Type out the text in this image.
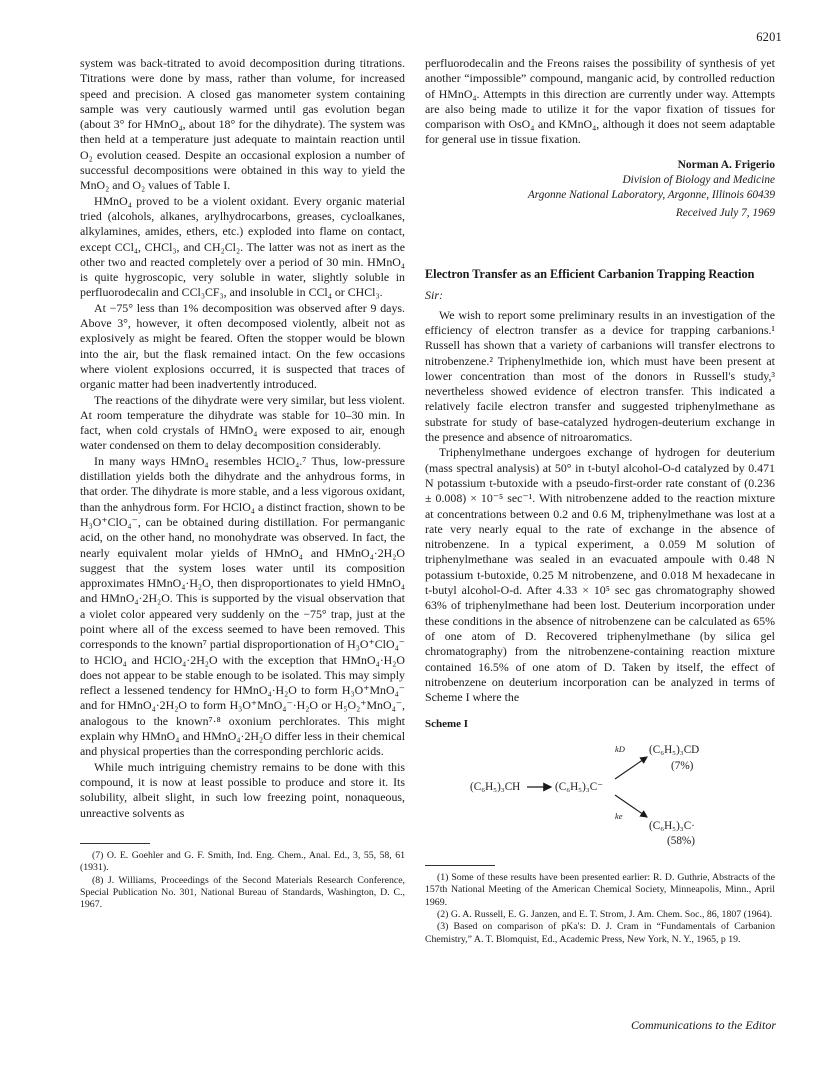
6201

system was back-titrated to avoid decomposition during titrations. Titrations were done by mass, rather than volume, for increased speed and precision. A closed gas manometer system containing sample was very cautiously warmed until gas evolution began (about 3° for HMnO₄, about 18° for the dihydrate). The system was then held at a temperature just adequate to maintain reaction until O₂ evolution ceased. Despite an occasional explosion a number of successful decompositions were obtained in this way to yield the MnO₂ and O₂ values of Table I.

HMnO₄ proved to be a violent oxidant. Every organic material tried (alcohols, alkanes, arylhydrocarbons, greases, cycloalkanes, alkylamines, amides, ethers, etc.) exploded into flame on contact, except CCl₄, CHCl₃, and CH₂Cl₂. The latter was not as inert as the other two and reacted completely over a period of 30 min. HMnO₄ is quite hygroscopic, very soluble in water, slightly soluble in perfluorodecalin and CCl₃CF₃, and insoluble in CCl₄ or CHCl₃.

At −75° less than 1% decomposition was observed after 9 days. Above 3°, however, it often decomposed violently, albeit not as explosively as might be feared. Often the stopper would be blown into the air, but the flask remained intact. On the few occasions where violent explosions occurred, it is suspected that traces of organic matter had been inadvertently introduced.

The reactions of the dihydrate were very similar, but less violent. At room temperature the dihydrate was stable for 10–30 min. In fact, when cold crystals of HMnO₄ were exposed to air, enough water condensed on them to delay decomposition considerably.

In many ways HMnO₄ resembles HClO₄.⁷ Thus, low-pressure distillation yields both the dihydrate and the anhydrous forms, in that order. The dihydrate is more stable, and a less vigorous oxidant, than the anhydrous form. For HClO₄ a distinct fraction, shown to be H₃O⁺ClO₄⁻, can be obtained during distillation. For permanganic acid, on the other hand, no monohydrate was observed. In fact, the nearly equivalent molar yields of HMnO₄ and HMnO₄·2H₂O suggest that the system loses water until its composition approximates HMnO₄·H₂O, then disproportionates to yield HMnO₄ and HMnO₄·2H₂O. This is supported by the visual observation that a violet color appeared very suddenly on the −75° trap, just at the point where all of the excess seemed to have been removed. This corresponds to the known⁷ partial disproportionation of H₃O⁺ClO₄⁻ to HClO₄ and HClO₄·2H₂O with the exception that HMnO₄·H₂O does not appear to be stable enough to be isolated. This may simply reflect a lessened tendency for HMnO₄·H₂O to form H₃O⁺MnO₄⁻ and for HMnO₄·2H₂O to form H₃O⁺MnO₄⁻·H₂O or H₅O₂⁺MnO₄⁻, analogous to the known⁷·⁸ oxonium perchlorates. This might explain why HMnO₄ and HMnO₄·2H₂O differ less in their chemical and physical properties than the corresponding perchloric acids.

While much intriguing chemistry remains to be done with this compound, it is now at least possible to produce and store it. Its solubility, albeit slight, in such low freezing point, nonaqueous, unreactive solvents as

(7) O. E. Goehler and G. F. Smith, Ind. Eng. Chem., Anal. Ed., 3, 55, 58, 61 (1931).

(8) J. Williams, Proceedings of the Second Materials Research Conference, Special Publication No. 301, National Bureau of Standards, Washington, D. C., 1967.

perfluorodecalin and the Freons raises the possibility of synthesis of yet another “impossible” compound, manganic acid, by controlled reduction of HMnO₄. Attempts in this direction are currently under way. Attempts are also being made to utilize it for the vapor fixation of tissues for comparison with OsO₄ and KMnO₄, although it does not seem adaptable for general use in tissue fixation.

Norman A. Frigerio
Division of Biology and Medicine
Argonne National Laboratory, Argonne, Illinois 60439
Received July 7, 1969
Electron Transfer as an Efficient Carbanion Trapping Reaction
Sir:

We wish to report some preliminary results in an investigation of the efficiency of electron transfer as a device for trapping carbanions.¹ Russell has shown that a variety of carbanions will transfer electrons to nitrobenzene.² Triphenylmethide ion, which must have been present at lower concentration than most of the donors in Russell's study,³ nevertheless showed evidence of electron transfer. This indicated a relatively facile electron transfer and suggested triphenylmethane as substrate for study of base-catalyzed hydrogen-deuterium exchange in the presence and absence of nitroaromatics.

Triphenylmethane undergoes exchange of hydrogen for deuterium (mass spectral analysis) at 50° in t-butyl alcohol-O-d catalyzed by 0.471 N potassium t-butoxide with a pseudo-first-order rate constant of (0.236 ± 0.008) × 10⁻⁵ sec⁻¹. With nitrobenzene added to the reaction mixture at concentrations between 0.2 and 0.6 M, triphenylmethane was lost at a rate very nearly equal to the rate of exchange in the absence of nitrobenzene. In a typical experiment, a 0.059 M solution of triphenylmethane was sealed in an evacuated ampoule with 0.48 N potassium t-butoxide, 0.25 M nitrobenzene, and 0.018 M hexadecane in t-butyl alcohol-O-d. After 4.33 × 10⁵ sec gas chromatography showed 63% of triphenylmethane had been lost. Deuterium incorporation under these conditions in the absence of nitrobenzene can be calculated as 65% of one atom of D. Recovered triphenylmethane (by silica gel chromatography) from the nitrobenzene-containing reaction mixture contained 16.5% of one atom of D. Taken by itself, the effect of nitrobenzene on deuterium incorporation can be analyzed in terms of Scheme I where the

Scheme I
(C₆H₅)₃CH	(C₆H₅)₃C⁻
kD (C₆H₅)₃CD
(7%)
ke
(C₆H₅)₃C·
(58%)

(1) Some of these results have been presented earlier: R. D. Guthrie, Abstracts of the 157th National Meeting of the American Chemical Society, Minneapolis, Minn., April 1969.

(2) G. A. Russell, E. G. Janzen, and E. T. Strom, J. Am. Chem. Soc., 86, 1807 (1964).

(3) Based on comparison of pKa's: D. J. Cram in “Fundamentals of Carbanion Chemistry,” A. T. Blomquist, Ed., Academic Press, New York, N. Y., 1965, p 19.

Communications to the Editor
